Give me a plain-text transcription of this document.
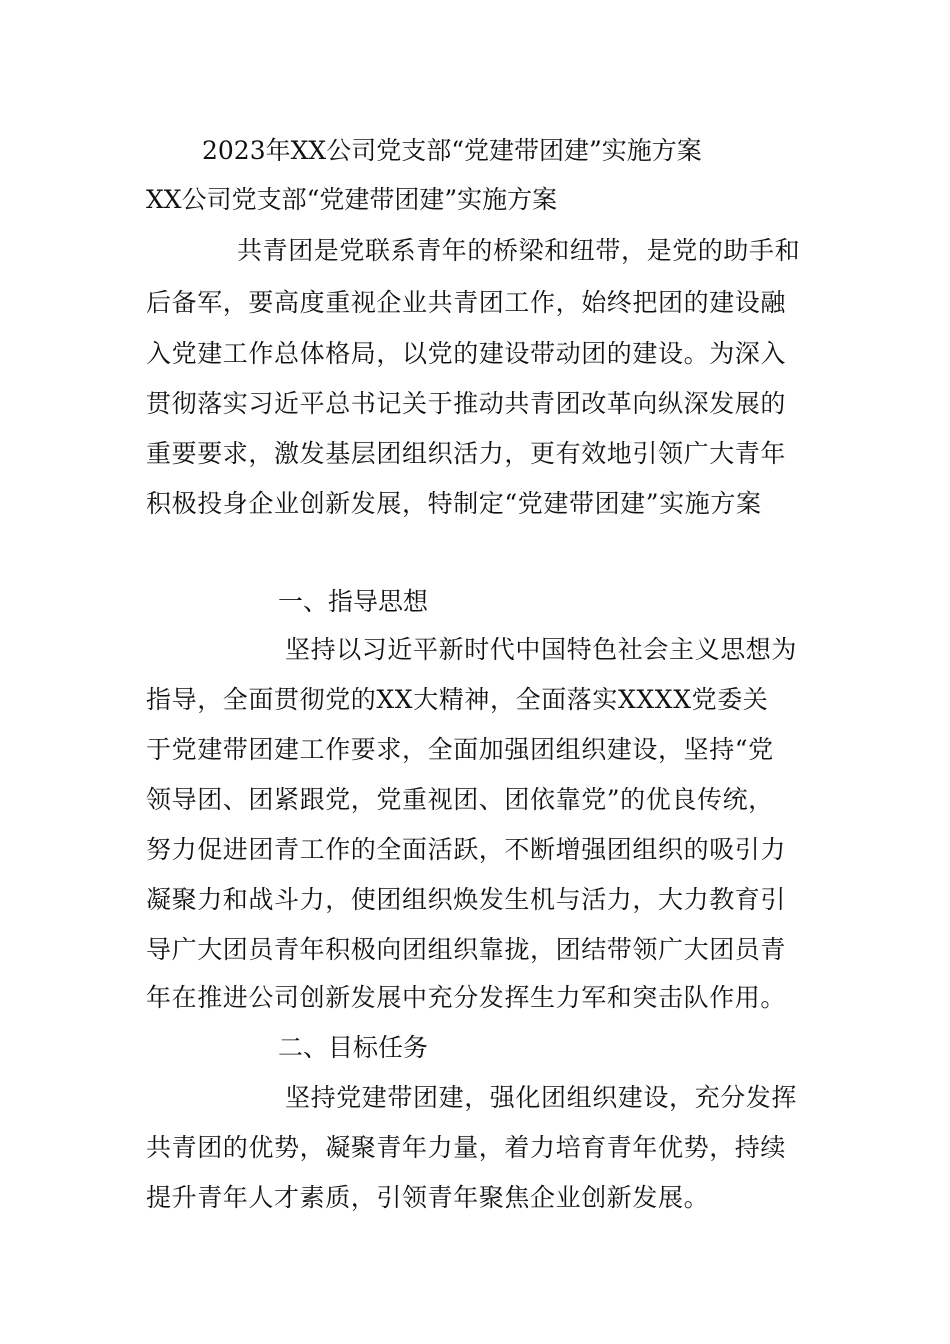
2023年XX公司党支部“党建带团建”实施方案
XX公司党支部“党建带团建”实施方案
共青团是党联系青年的桥梁和纽带，是党的助手和
后备军，要高度重视企业共青团工作，始终把团的建设融
入党建工作总体格局，以党的建设带动团的建设。为深入
贯彻落实习近平总书记关于推动共青团改革向纵深发展的
重要要求，激发基层团组织活力，更有效地引领广大青年
积极投身企业创新发展，特制定“党建带团建”实施方案
一、指导思想
坚持以习近平新时代中国特色社会主义思想为
指导，全面贯彻党的XX大精神，全面落实XXXX党委关
于党建带团建工作要求，全面加强团组织建设，坚持“党
领导团、团紧跟党，党重视团、团依靠党”的优良传统，
努力促进团青工作的全面活跃，不断增强团组织的吸引力
凝聚力和战斗力，使团组织焕发生机与活力，大力教育引
导广大团员青年积极向团组织靠拢，团结带领广大团员青
年在推进公司创新发展中充分发挥生力军和突击队作用。
二、目标任务
坚持党建带团建，强化团组织建设，充分发挥
共青团的优势，凝聚青年力量，着力培育青年优势，持续
提升青年人才素质，引领青年聚焦企业创新发展。
